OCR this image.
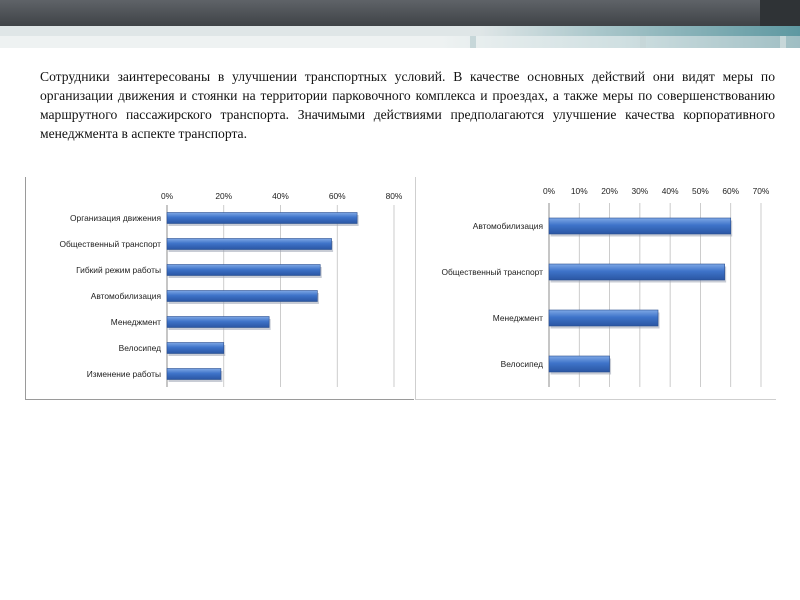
Сотрудники заинтересованы в улучшении транспортных условий. В качестве основных действий они видят меры по организации движения и стоянки на территории парковочного комплекса и проездах, а также меры по совершенствованию маршрутного пассажирского транспорта. Значимыми действиями предполагаются улучшение качества корпоративного менеджмента в аспекте транспорта.

0%	20%	40%	60%	80%
Организация движения
Общественный транспорт
Гибкий режим работы
Автомобилизация
Менеджмент
Велосипед
Изменение работы
0% 10% 20% 30% 40% 50% 60% 70%
Автомобилизация
Общественный транспорт
Менеджмент
Велосипед
